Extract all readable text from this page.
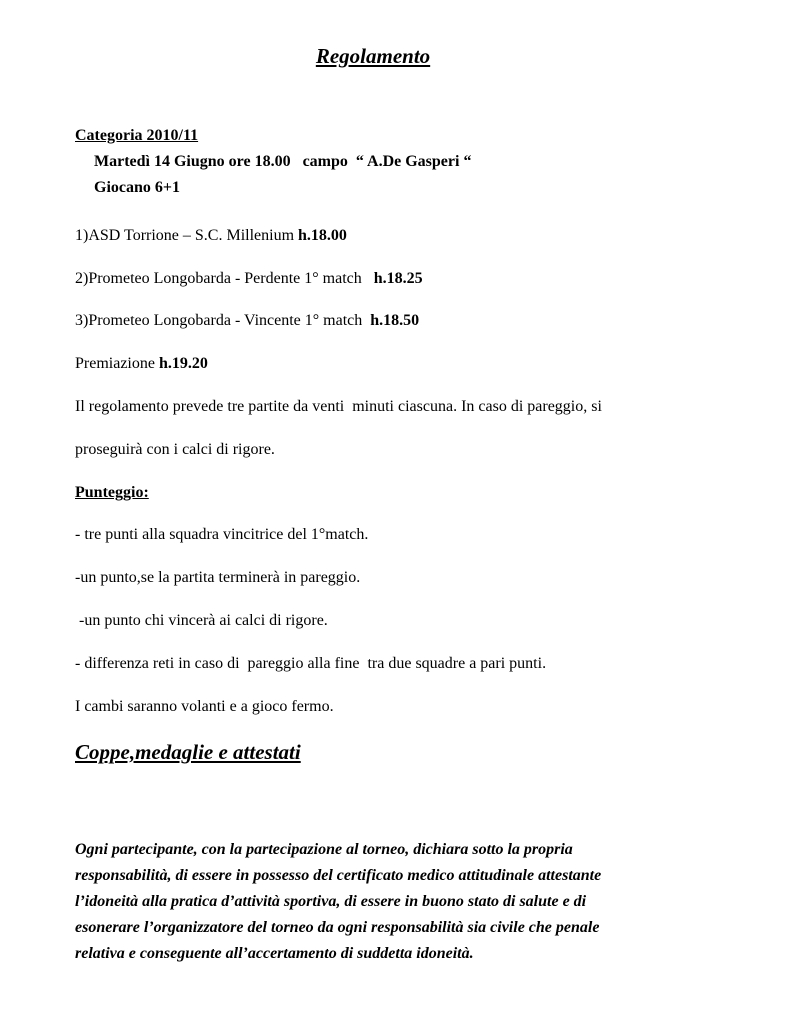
Regolamento
Categoria 2010/11
Martedì 14 Giugno ore 18.00   campo  “ A.De Gasperi “
Giocano 6+1
1)ASD Torrione – S.C. Millenium h.18.00
2)Prometeo Longobarda - Perdente 1° match   h.18.25
3)Prometeo Longobarda - Vincente 1° match  h.18.50
Premiazione h.19.20
Il regolamento prevede tre partite da venti  minuti ciascuna. In caso di pareggio, si
proseguirà con i calci di rigore.
Punteggio:
- tre punti alla squadra vincitrice del 1°match.
-un punto,se la partita terminerà in pareggio.
-un punto chi vincerà ai calci di rigore.
- differenza reti in caso di  pareggio alla fine  tra due squadre a pari punti.
I cambi saranno volanti e a gioco fermo.
Coppe,medaglie e attestati
Ogni partecipante, con la partecipazione al torneo, dichiara sotto la propria
responsabilità, di essere in possesso del certificato medico attitudinale attestante
l’idoneità alla pratica d’attività sportiva, di essere in buono stato di salute e di
esonerare l’organizzatore del torneo da ogni responsabilità sia civile che penale
relativa e conseguente all’accertamento di suddetta idoneità.
